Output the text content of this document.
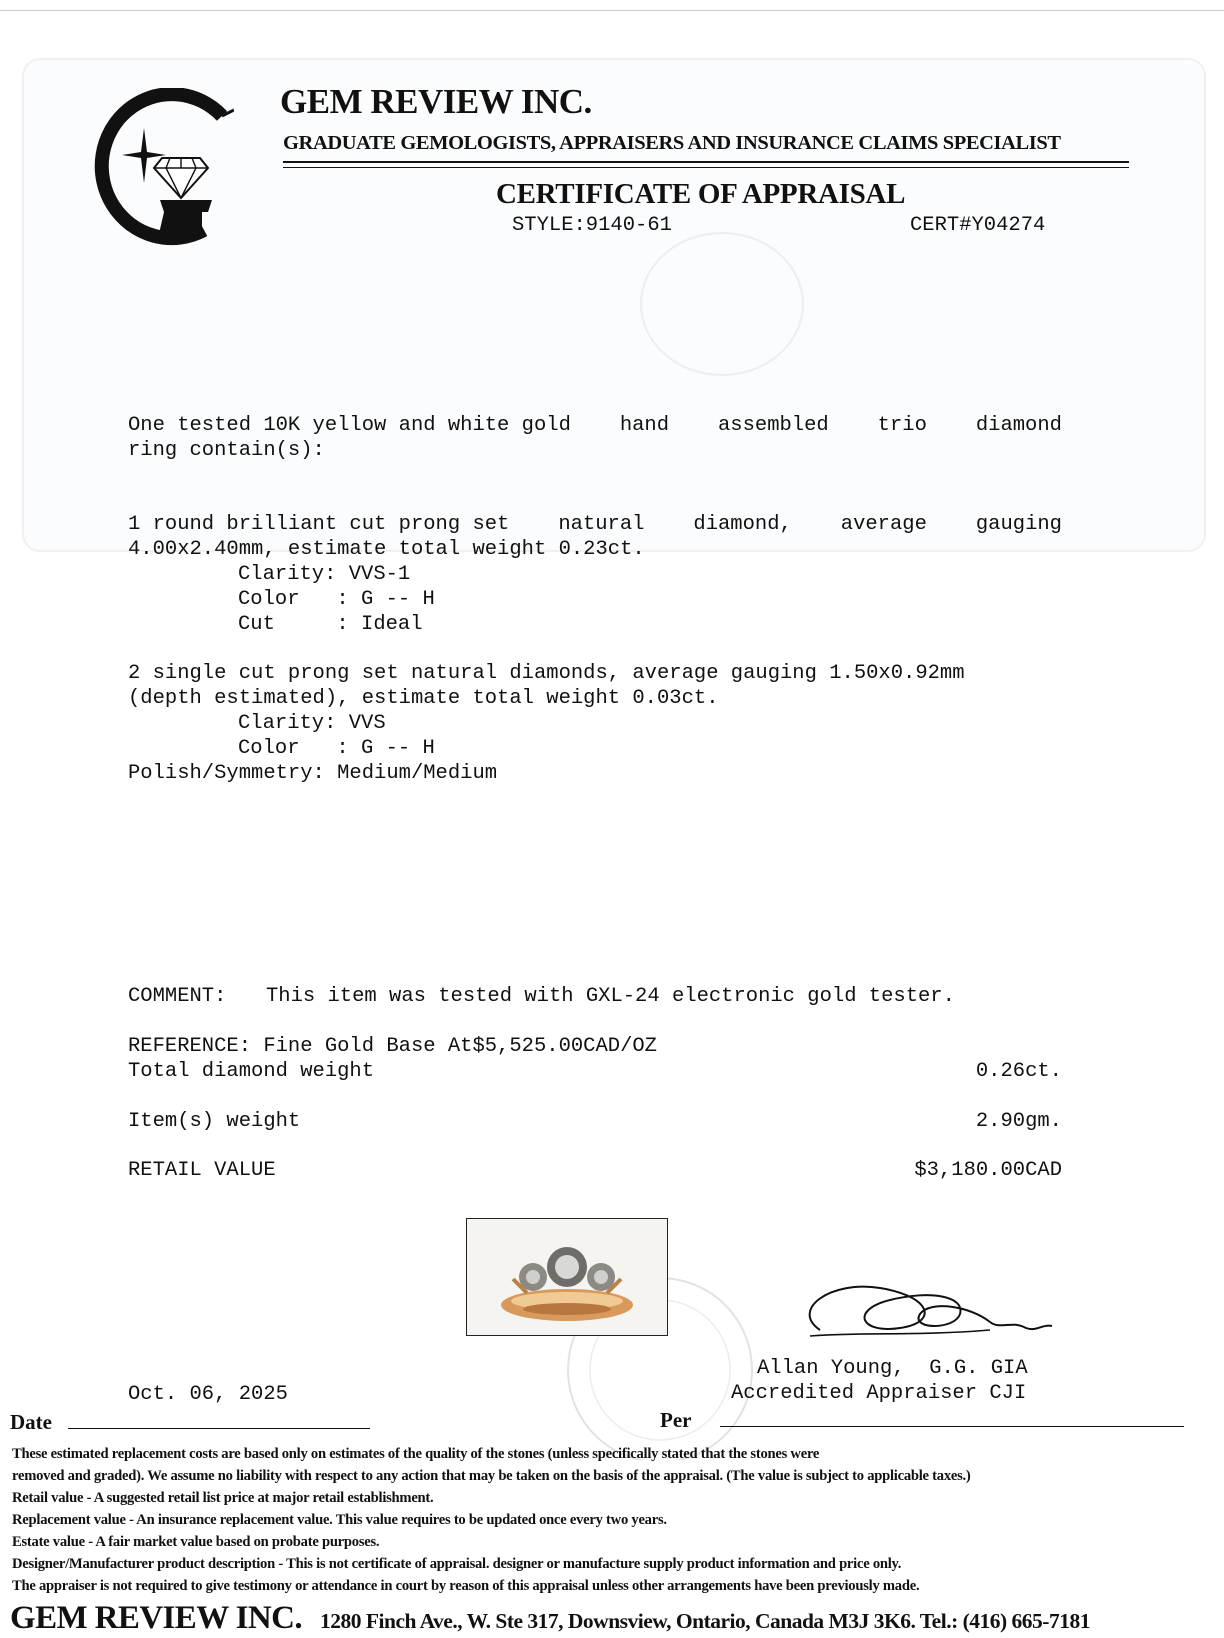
GEM REVIEW INC.
GRADUATE GEMOLOGISTS, APPRAISERS AND INSURANCE CLAIMS SPECIALIST
CERTIFICATE OF APPRAISAL
STYLE:9140-61	CERT#Y04274
One tested 10K yellow and white gold hand assembled trio diamond
ring contain(s):
1 round brilliant cut prong set natural diamond, average gauging
4.00x2.40mm, estimate total weight 0.23ct.
Clarity: VVS-1
Color   : G -- H
Cut     : Ideal
2 single cut prong set natural diamonds, average gauging 1.50x0.92mm
(depth estimated), estimate total weight 0.03ct.
Clarity: VVS
Color   : G -- H
Polish/Symmetry: Medium/Medium
COMMENT: This item was tested with GXL-24 electronic gold tester.
REFERENCE: Fine Gold Base At$5,525.00CAD/OZ
Total diamond weight	0.26ct.
Item(s) weight	2.90gm.
RETAIL VALUE	$3,180.00CAD
Allan Young,  G.G. GIA
Accredited Appraiser CJI
Oct. 06, 2025
Date	Per
These estimated replacement costs are based only on estimates of the quality of the stones (unless specifically stated that the stones were
removed and graded). We assume no liability with respect to any action that may be taken on the basis of the appraisal. (The value is subject to applicable taxes.)
Retail value - A suggested retail list price at major retail establishment.
Replacement value - An insurance replacement value. This value requires to be updated once every two years.
Estate value - A fair market value based on probate purposes.
Designer/Manufacturer product description - This is not certificate of appraisal. designer or manufacture supply product information and price only.
The appraiser is not required to give testimony or attendance in court by reason of this appraisal unless other arrangements have been previously made.
GEM REVIEW INC. 1280 Finch Ave., W. Ste 317, Downsview, Ontario, Canada M3J 3K6. Tel.: (416) 665-7181
